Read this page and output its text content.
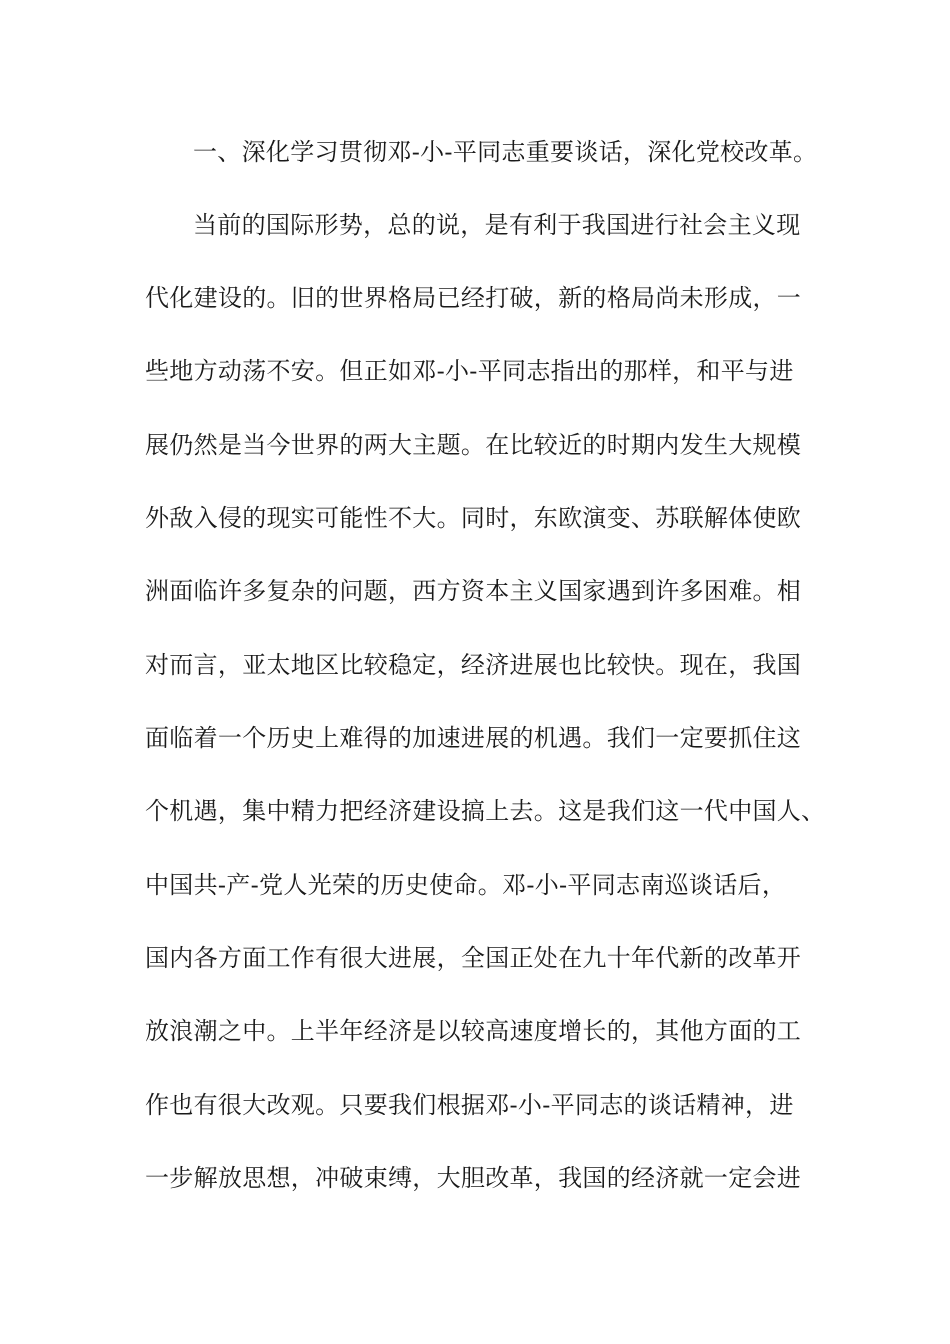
一、深化学习贯彻邓-小-平同志重要谈话，深化党校改革。
当前的国际形势，总的说，是有利于我国进行社会主义现
代化建设的。旧的世界格局已经打破，新的格局尚未形成，一
些地方动荡不安。但正如邓-小-平同志指出的那样，和平与进
展仍然是当今世界的两大主题。在比较近的时期内发生大规模
外敌入侵的现实可能性不大。同时，东欧演变、苏联解体使欧
洲面临许多复杂的问题，西方资本主义国家遇到许多困难。相
对而言，亚太地区比较稳定，经济进展也比较快。现在，我国
面临着一个历史上难得的加速进展的机遇。我们一定要抓住这
个机遇，集中精力把经济建设搞上去。这是我们这一代中国人、
中国共-产-党人光荣的历史使命。邓-小-平同志南巡谈话后，
国内各方面工作有很大进展，全国正处在九十年代新的改革开
放浪潮之中。上半年经济是以较高速度增长的，其他方面的工
作也有很大改观。只要我们根据邓-小-平同志的谈话精神，进
一步解放思想，冲破束缚，大胆改革，我国的经济就一定会进
